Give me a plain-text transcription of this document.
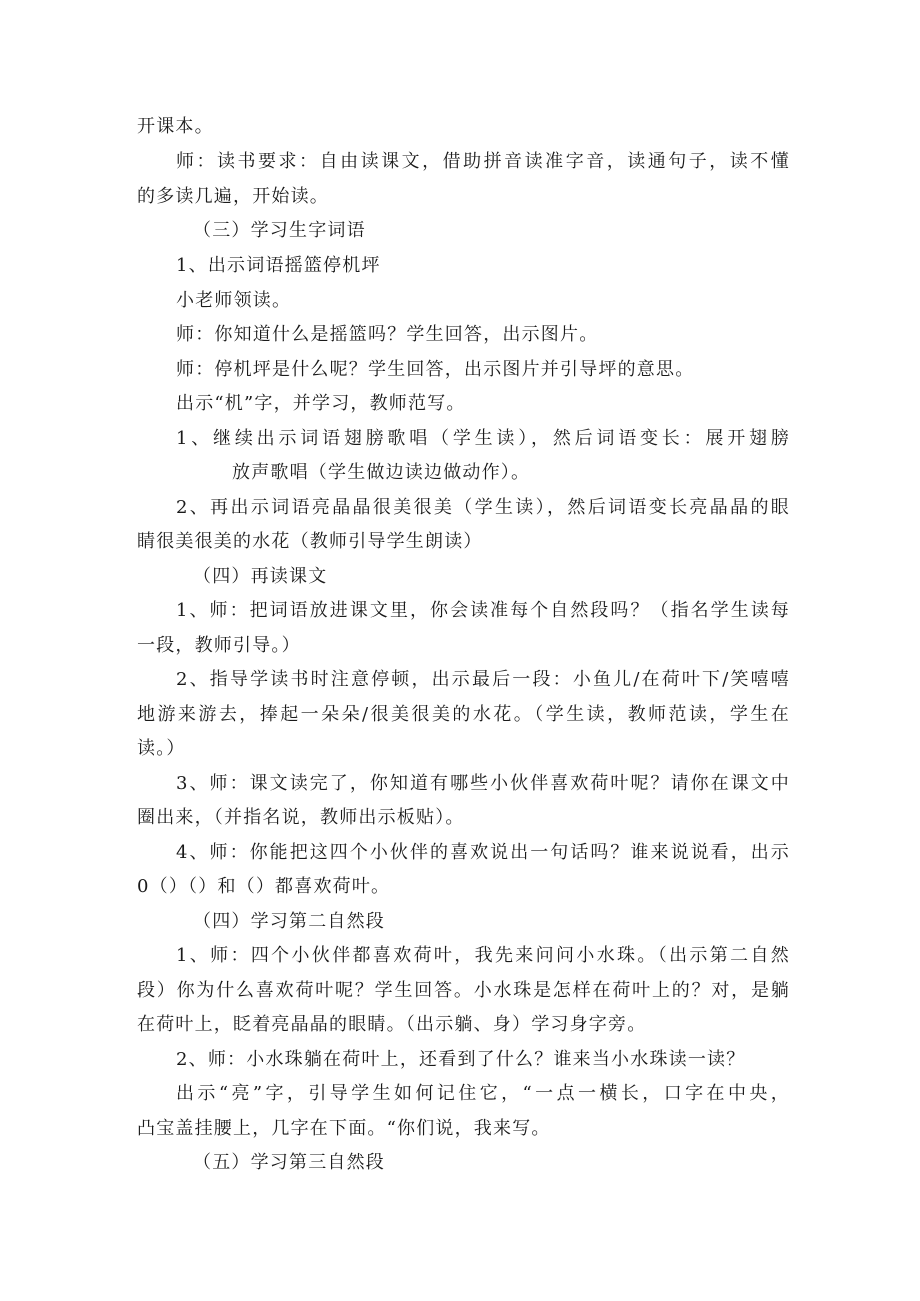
开课本。
师：读书要求：自由读课文，借助拼音读准字音，读通句子，读不懂
的多读几遍，开始读。
（三）学习生字词语
1、出示词语摇篮停机坪
小老师领读。
师：你知道什么是摇篮吗？学生回答，出示图片。
师：停机坪是什么呢？学生回答，出示图片并引导坪的意思。
出示“机”字，并学习，教师范写。
1、继续出示词语翅膀歌唱（学生读），然后词语变长：展开翅膀
放声歌唱（学生做边读边做动作）。
2、再出示词语亮晶晶很美很美（学生读），然后词语变长亮晶晶的眼
睛很美很美的水花（教师引导学生朗读）
（四）再读课文
1、师：把词语放进课文里，你会读准每个自然段吗？（指名学生读每
一段，教师引导。）
2、指导学读书时注意停顿，出示最后一段：小鱼儿/在荷叶下/笑嘻嘻
地游来游去，捧起一朵朵/很美很美的水花。（学生读，教师范读，学生在
读。）
3、师：课文读完了，你知道有哪些小伙伴喜欢荷叶呢？请你在课文中
圈出来，（并指名说，教师出示板贴）。
4、师：你能把这四个小伙伴的喜欢说出一句话吗？谁来说说看，出示
0（）（）和（）都喜欢荷叶。
（四）学习第二自然段
1、师：四个小伙伴都喜欢荷叶，我先来问问小水珠。（出示第二自然
段）你为什么喜欢荷叶呢？学生回答。小水珠是怎样在荷叶上的？对，是躺
在荷叶上，眨着亮晶晶的眼睛。（出示躺、身）学习身字旁。
2、师：小水珠躺在荷叶上，还看到了什么？谁来当小水珠读一读？
出示“亮”字，引导学生如何记住它，“一点一横长，口字在中央，
凸宝盖挂腰上，几字在下面。“你们说，我来写。
（五）学习第三自然段
